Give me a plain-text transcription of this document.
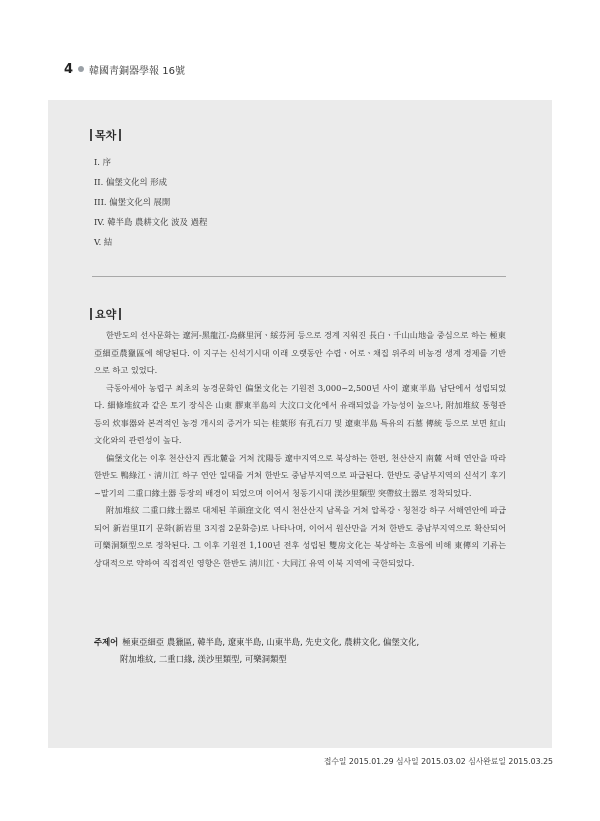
4 韓國靑銅器學報 16號
목차
I. 序
II. 偏堡文化의 形成
III. 偏堡文化의 展開
IV. 韓半島 農耕文化 波及 過程
V. 結
요약

한반도의 선사문화는 遼河-黑龍江-烏蘇里河ㆍ綏芬河 등으로 경계 지워진 長白ㆍ千山山地을 중심으로 하는 極東亞細亞農獵區에 해당된다. 이 지구는 신석기시대 이래 오랫동안 수렵ㆍ어로ㆍ채집 위주의 비농경 생계 경제를 기반으로 하고 있었다.

극동아세아 농렵구 최초의 농경문화인 偏堡文化는 기원전 3,000~2,500년 사이 遼東半島 남단에서 성립되었다. 細條堆紋과 같은 토기 장식은 山東 膠東半島의 大汶口文化에서 유래되었을 가능성이 높으나, 附加堆紋 통형관 등의 炊事器와 본격적인 농경 개시의 증거가 되는 桂葉形 有孔石刀 및 遼東半島 특유의 石墓 傳統 등으로 보면 紅山文化와의 관련성이 높다.

偏堡文化는 이후 천산산지 西北麓을 거쳐 沈陽등 遼中지역으로 북상하는 한편, 천산산지 南麓 서해 연안을 따라 한반도 鴨綠江ㆍ淸川江 하구 연안 일대를 거쳐 한반도 중남부지역으로 파급된다. 한반도 중남부지역의 신석기 후기~말기의 二重口緣土器 등장의 배경이 되었으며 이어서 청동기시대 渼沙里類型 突帶紋土器로 정착되었다.

附加堆紋 二重口緣土器로 대체된 羊頭窪文化 역시 천산산지 남록을 거쳐 압록강ㆍ청천강 하구 서해연안에 파급되어 新岩里II기 문화(新岩里 3지점 2문화층)로 나타나며, 이어서 원산만을 거쳐 한반도 중남부지역으로 확산되어 可樂洞類型으로 정착된다. 그 이후 기원전 1,100년 전후 성립된 雙房文化는 북상하는 흐름에 비해 東傳의 기류는 상대적으로 약하여 직접적인 영향은 한반도 淸川江ㆍ大同江 유역 이북 지역에 국한되었다.

주제어 極東亞細亞 農獵區, 韓半島, 遼東半島, 山東半島, 先史文化, 農耕文化, 偏堡文化,
附加堆紋, 二重口緣, 渼沙里類型, 可樂洞類型
접수일 2015.01.29 심사일 2015.03.02 심사완료일 2015.03.25
